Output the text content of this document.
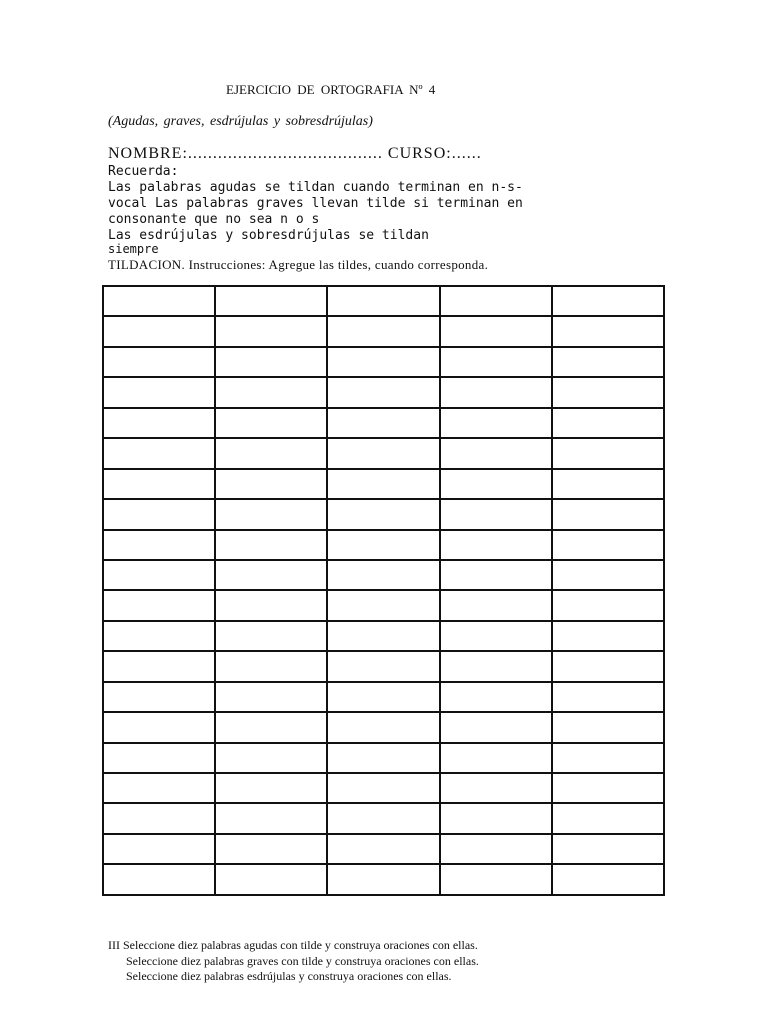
EJERCICIO DE ORTOGRAFIA Nº 4
(Agudas, graves, esdrújulas y sobresdrújulas)
NOMBRE:....................................... CURSO:......
Recuerda:
Las palabras agudas se tildan cuando terminan en n-s-
vocal Las palabras graves llevan tilde si terminan en
consonante que no sea n o s
Las esdrújulas y sobresdrújulas se tildan
siempre
TILDACION. Instrucciones: Agregue las tildes, cuando corresponda.

III Seleccione diez palabras agudas con tilde y construya oraciones con ellas.
Seleccione diez palabras graves con tilde y construya oraciones con ellas.
Seleccione diez palabras esdrújulas y construya oraciones con ellas.
